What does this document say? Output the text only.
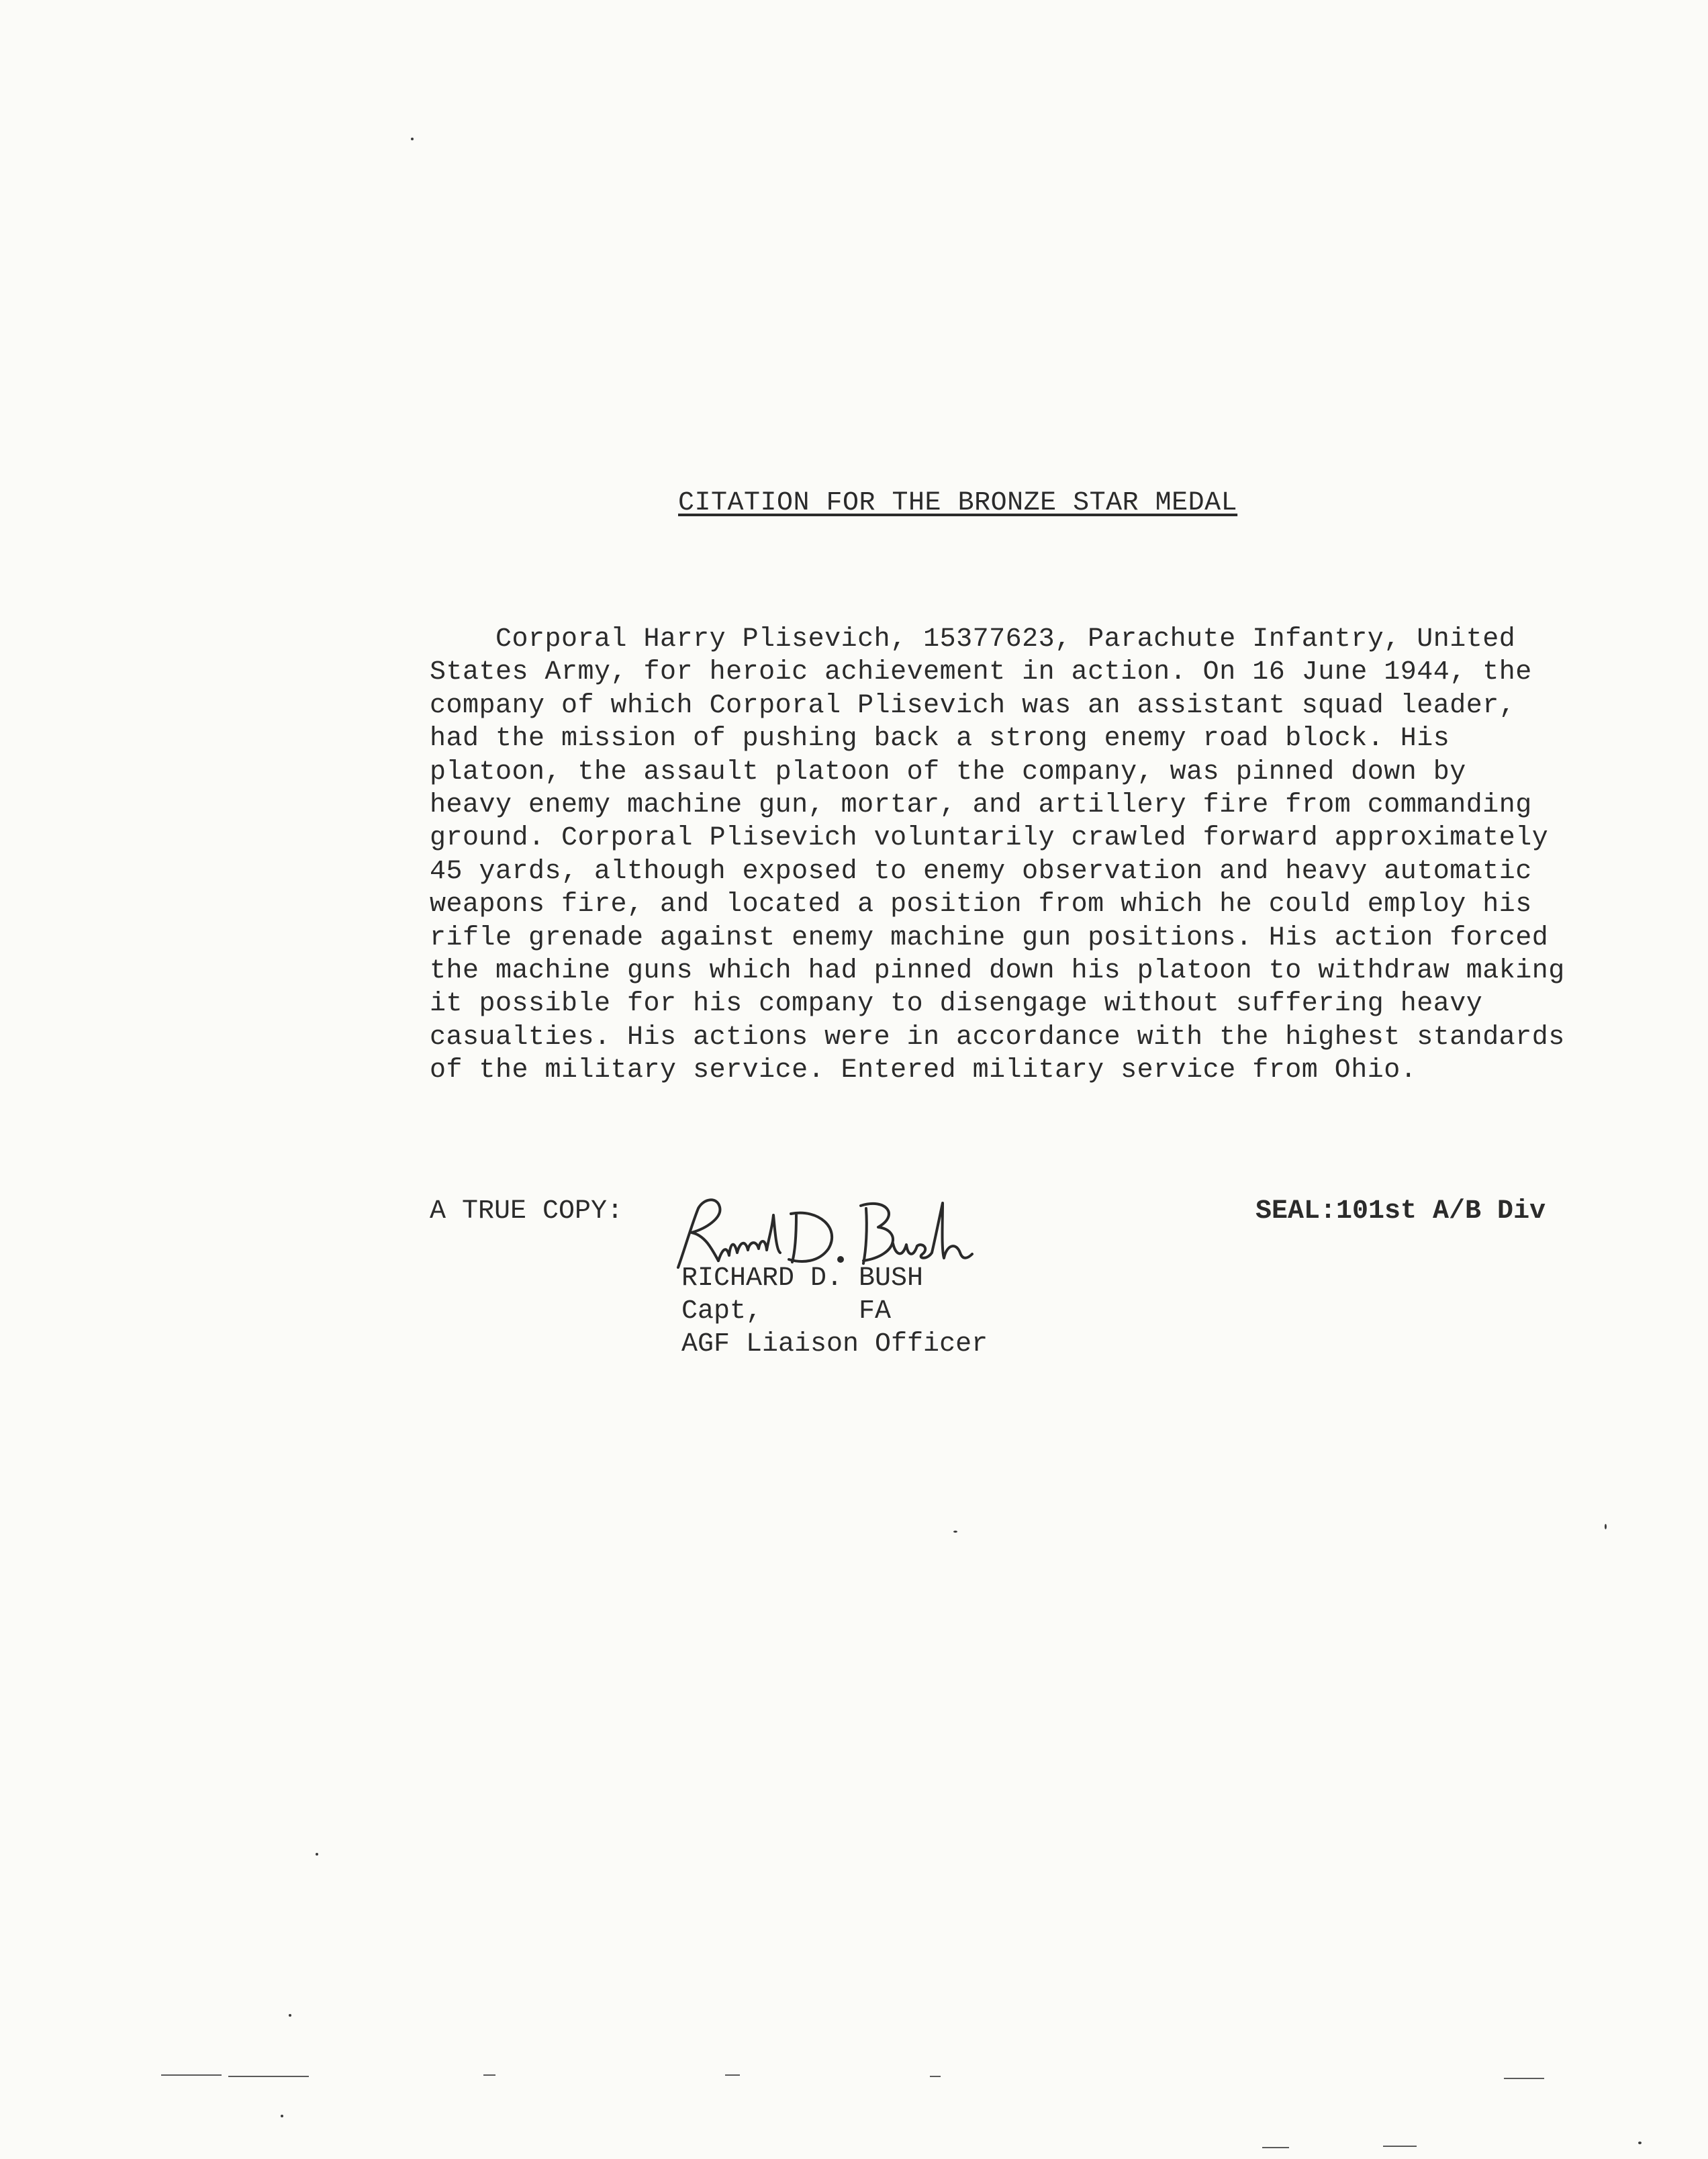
CITATION FOR THE BRONZE STAR MEDAL
Corporal Harry Plisevich, 15377623, Parachute Infantry, United
States Army, for heroic achievement in action. On 16 June 1944, the
company of which Corporal Plisevich was an assistant squad leader,
had the mission of pushing back a strong enemy road block. His
platoon, the assault platoon of the company, was pinned down by
heavy enemy machine gun, mortar, and artillery fire from commanding
ground. Corporal Plisevich voluntarily crawled forward approximately
45 yards, although exposed to enemy observation and heavy automatic
weapons fire, and located a position from which he could employ his
rifle grenade against enemy machine gun positions. His action forced
the machine guns which had pinned down his platoon to withdraw making
it possible for his company to disengage without suffering heavy
casualties. His actions were in accordance with the highest standards
of the military service. Entered military service from Ohio.
A TRUE COPY:	SEAL:101st A/B Div
RICHARD D. BUSH
Capt,      FA
AGF Liaison Officer
